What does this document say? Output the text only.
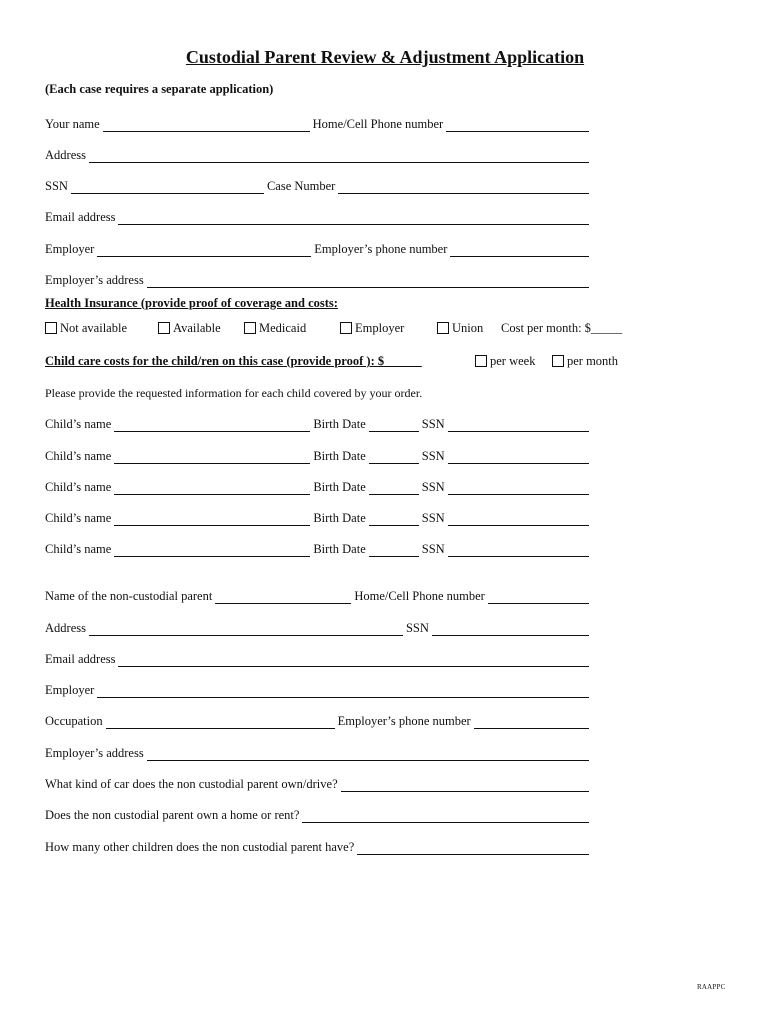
Custodial Parent Review & Adjustment Application
(Each case requires a separate application)
Your name	Home/Cell Phone number
Address
SSN	Case Number
Email address
Employer	Employer’s phone number
Employer’s address
Health Insurance (provide proof of coverage and costs:
Not available	Available	Medicaid	Employer	Union Cost per month: $_____
Child care costs for the child/ren on this case (provide proof ): $______	per week	per month
Please provide the requested information for each child covered by your order.
Child’s name	Birth Date	SSN
Child’s name	Birth Date	SSN
Child’s name	Birth Date	SSN
Child’s name	Birth Date	SSN
Child’s name	Birth Date	SSN
Name of the non-custodial parent	Home/Cell Phone number
Address	SSN
Email address
Employer
Occupation	Employer’s phone number
Employer’s address
What kind of car does the non custodial parent own/drive?
Does the non custodial parent own a home or rent?
How many other children does the non custodial parent have?
RAAPPC
